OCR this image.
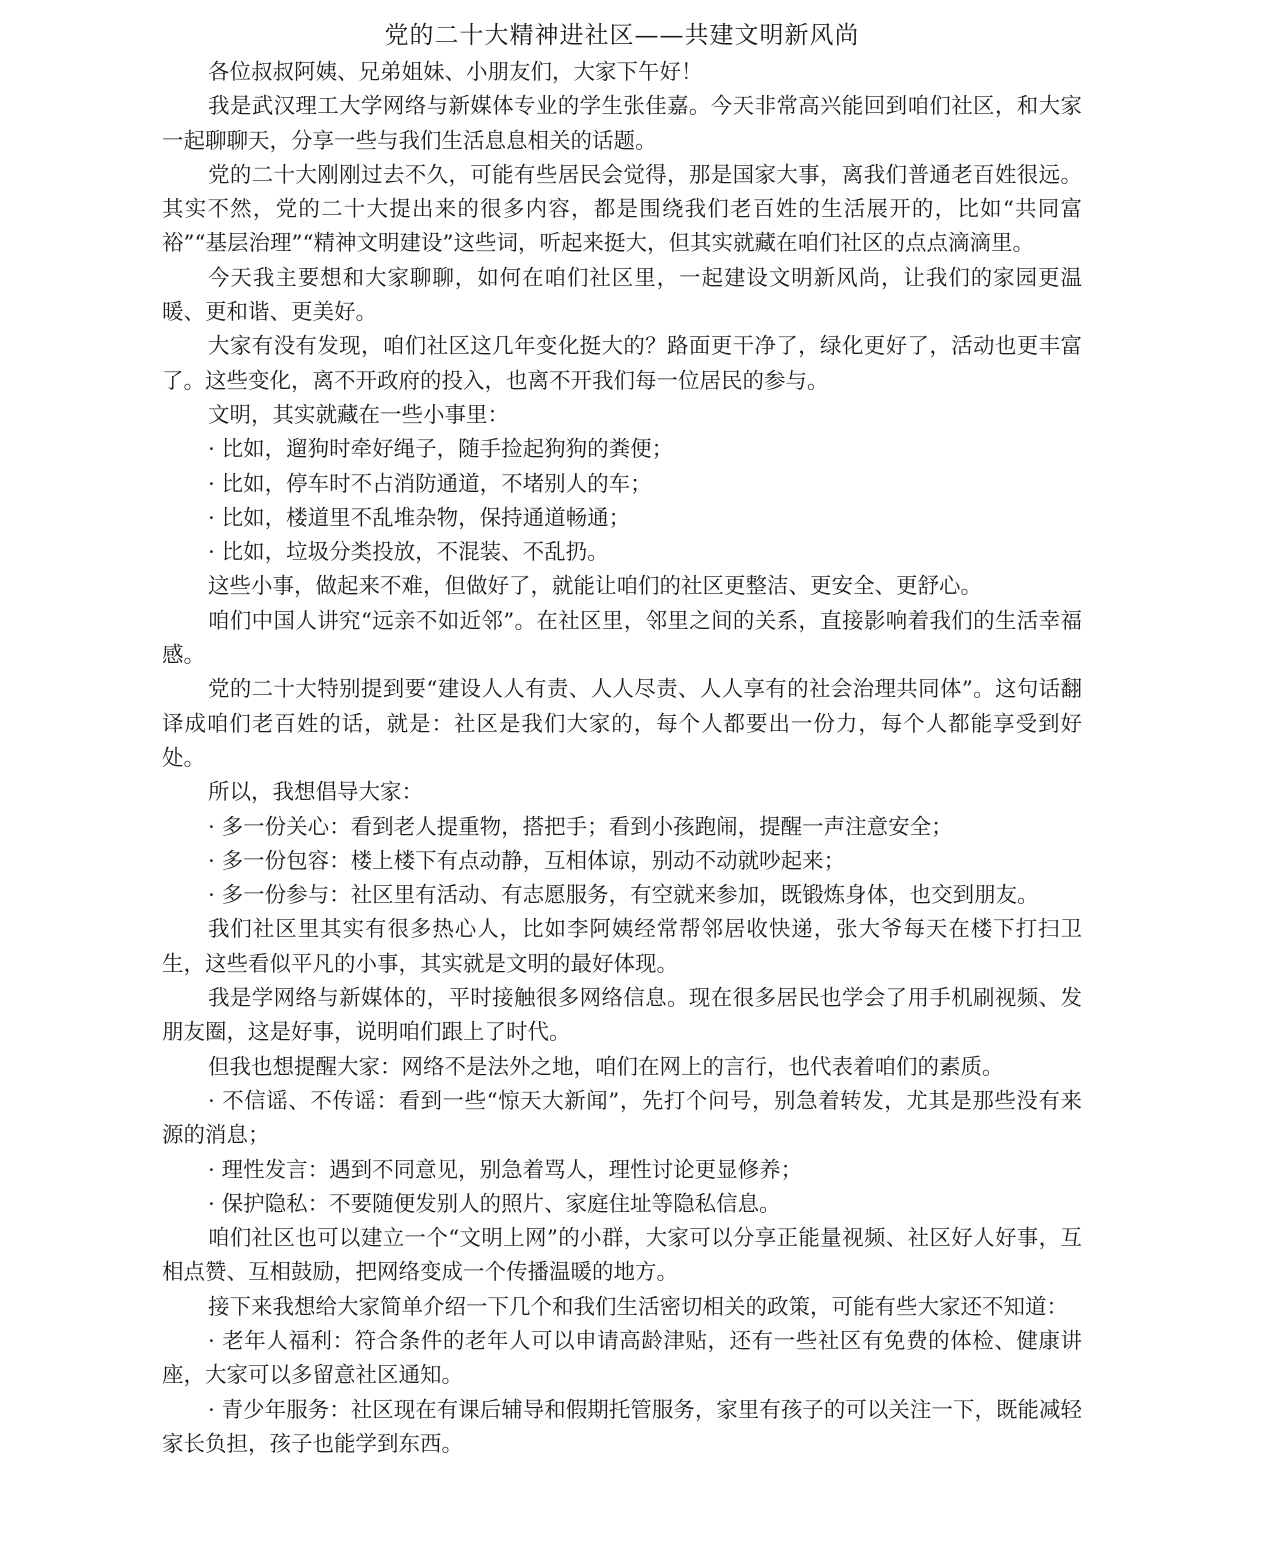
党的二十大精神进社区——共建文明新风尚

各位叔叔阿姨、兄弟姐妹、小朋友们，大家下午好！

我是武汉理工大学网络与新媒体专业的学生张佳嘉。今天非常高兴能回到咱们社区，和大家一起聊聊天，分享一些与我们生活息息相关的话题。

党的二十大刚刚过去不久，可能有些居民会觉得，那是国家大事，离我们普通老百姓很远。其实不然，党的二十大提出来的很多内容，都是围绕我们老百姓的生活展开的，比如“共同富裕”“基层治理”“精神文明建设”这些词，听起来挺大，但其实就藏在咱们社区的点点滴滴里。

今天我主要想和大家聊聊，如何在咱们社区里，一起建设文明新风尚，让我们的家园更温暖、更和谐、更美好。

大家有没有发现，咱们社区这几年变化挺大的？路面更干净了，绿化更好了，活动也更丰富了。这些变化，离不开政府的投入，也离不开我们每一位居民的参与。

文明，其实就藏在一些小事里：

· 比如，遛狗时牵好绳子，随手捡起狗狗的粪便；

· 比如，停车时不占消防通道，不堵别人的车；

· 比如，楼道里不乱堆杂物，保持通道畅通；

· 比如，垃圾分类投放，不混装、不乱扔。

这些小事，做起来不难，但做好了，就能让咱们的社区更整洁、更安全、更舒心。

咱们中国人讲究“远亲不如近邻”。在社区里，邻里之间的关系，直接影响着我们的生活幸福感。

党的二十大特别提到要“建设人人有责、人人尽责、人人享有的社会治理共同体”。这句话翻译成咱们老百姓的话，就是：社区是我们大家的，每个人都要出一份力，每个人都能享受到好处。

所以，我想倡导大家：

· 多一份关心：看到老人提重物，搭把手；看到小孩跑闹，提醒一声注意安全；

· 多一份包容：楼上楼下有点动静，互相体谅，别动不动就吵起来；

· 多一份参与：社区里有活动、有志愿服务，有空就来参加，既锻炼身体，也交到朋友。

我们社区里其实有很多热心人，比如李阿姨经常帮邻居收快递，张大爷每天在楼下打扫卫生，这些看似平凡的小事，其实就是文明的最好体现。

我是学网络与新媒体的，平时接触很多网络信息。现在很多居民也学会了用手机刷视频、发朋友圈，这是好事，说明咱们跟上了时代。

但我也想提醒大家：网络不是法外之地，咱们在网上的言行，也代表着咱们的素质。

· 不信谣、不传谣：看到一些“惊天大新闻”，先打个问号，别急着转发，尤其是那些没有来源的消息；

· 理性发言：遇到不同意见，别急着骂人，理性讨论更显修养；

· 保护隐私：不要随便发别人的照片、家庭住址等隐私信息。

咱们社区也可以建立一个“文明上网”的小群，大家可以分享正能量视频、社区好人好事，互相点赞、互相鼓励，把网络变成一个传播温暖的地方。

接下来我想给大家简单介绍一下几个和我们生活密切相关的政策，可能有些大家还不知道：

· 老年人福利：符合条件的老年人可以申请高龄津贴，还有一些社区有免费的体检、健康讲座，大家可以多留意社区通知。

· 青少年服务：社区现在有课后辅导和假期托管服务，家里有孩子的可以关注一下，既能减轻家长负担，孩子也能学到东西。
